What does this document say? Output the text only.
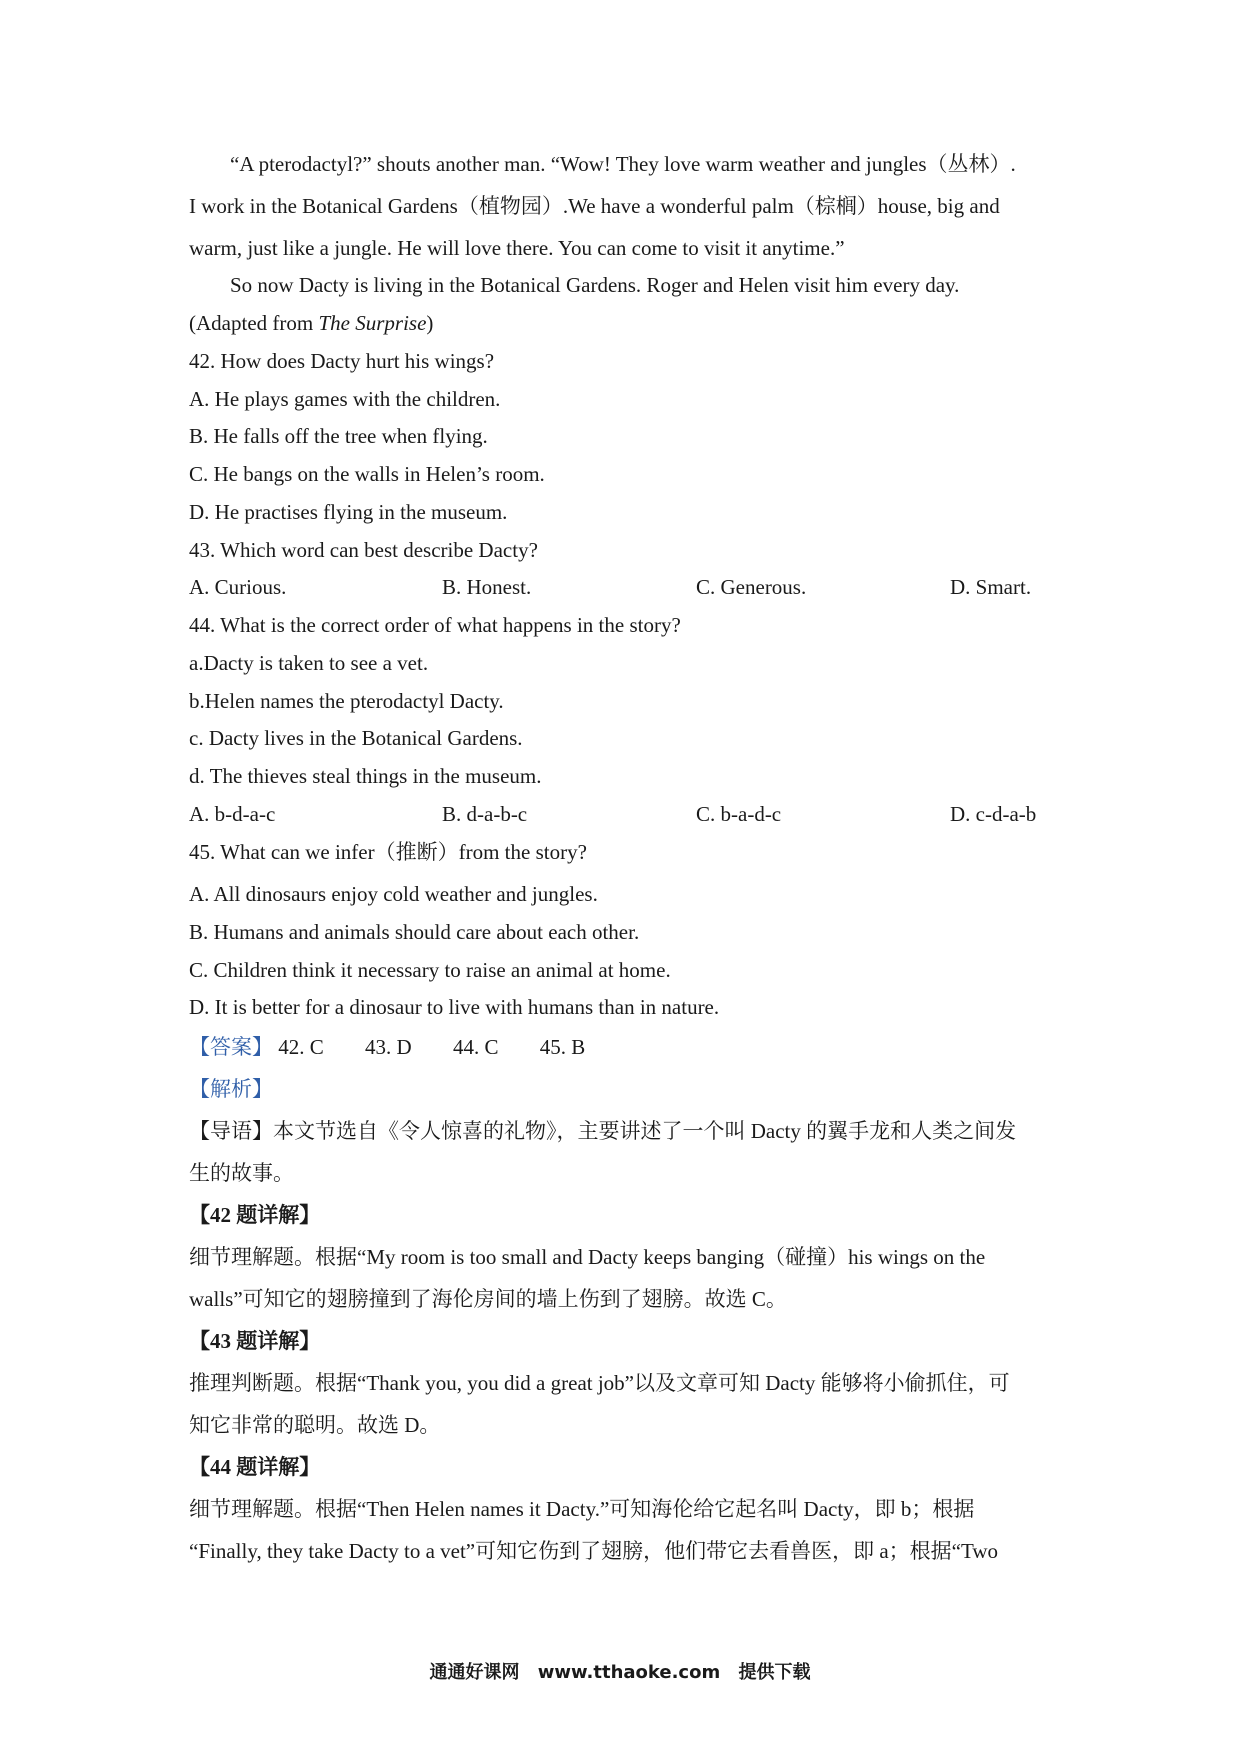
“A pterodactyl?” shouts another man. “Wow! They love warm weather and jungles（丛林）.
I work in the Botanical Gardens（植物园）.We have a wonderful palm（棕榈）house, big and
warm, just like a jungle. He will love there. You can come to visit it anytime.”
So now Dacty is living in the Botanical Gardens. Roger and Helen visit him every day.
(Adapted from The Surprise)
42. How does Dacty hurt his wings?
A. He plays games with the children.
B. He falls off the tree when flying.
C. He bangs on the walls in Helen’s room.
D. He practises flying in the museum.
43. Which word can best describe Dacty?
A. Curious.	B. Honest.	C. Generous.	D. Smart.
44. What is the correct order of what happens in the story?
a.Dacty is taken to see a vet.
b.Helen names the pterodactyl Dacty.
c. Dacty lives in the Botanical Gardens.
d. The thieves steal things in the museum.
A. b-d-a-c	B. d-a-b-c	C. b-a-d-c	D. c-d-a-b
45. What can we infer（推断）from the story?
A. All dinosaurs enjoy cold weather and jungles.
B. Humans and animals should care about each other.
C. Children think it necessary to raise an animal at home.
D. It is better for a dinosaur to live with humans than in nature.
【答案】 42. C 43. D 44. C 45. B
【解析】
【导语】本文节选自《令人惊喜的礼物》，主要讲述了一个叫 Dacty 的翼手龙和人类之间发
生的故事。
【42 题详解】
细节理解题。根据“My room is too small and Dacty keeps banging（碰撞）his wings on the
walls”可知它的翅膀撞到了海伦房间的墙上伤到了翅膀。故选 C。
【43 题详解】
推理判断题。根据“Thank you, you did a great job”以及文章可知 Dacty 能够将小偷抓住，可
知它非常的聪明。故选 D。
【44 题详解】
细节理解题。根据“Then Helen names it Dacty.”可知海伦给它起名叫 Dacty，即 b；根据
“Finally, they take Dacty to a vet”可知它伤到了翅膀，他们带它去看兽医，即 a；根据“Two
通通好课网 www.tthaoke.com 提供下载
